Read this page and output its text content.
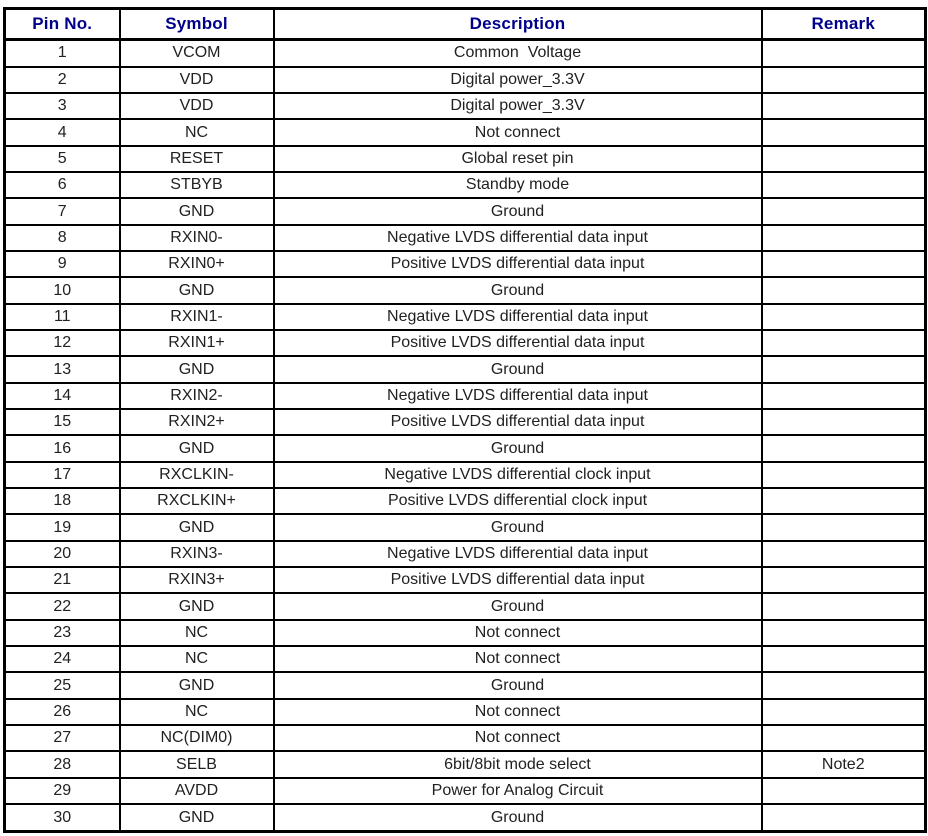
Pin No.	Symbol	Description	Remark
1	VCOM	Common  Voltage	
2	VDD	Digital power_3.3V	
3	VDD	Digital power_3.3V	
4	NC	Not connect	
5	RESET	Global reset pin	
6	STBYB	Standby mode	
7	GND	Ground	
8	RXIN0-	Negative LVDS differential data input	
9	RXIN0+	Positive LVDS differential data input	
10	GND	Ground	
11	RXIN1-	Negative LVDS differential data input	
12	RXIN1+	Positive LVDS differential data input	
13	GND	Ground	
14	RXIN2-	Negative LVDS differential data input	
15	RXIN2+	Positive LVDS differential data input	
16	GND	Ground	
17	RXCLKIN-	Negative LVDS differential clock input	
18	RXCLKIN+	Positive LVDS differential clock input	
19	GND	Ground	
20	RXIN3-	Negative LVDS differential data input	
21	RXIN3+	Positive LVDS differential data input	
22	GND	Ground	
23	NC	Not connect	
24	NC	Not connect	
25	GND	Ground	
26	NC	Not connect	
27	NC(DIM0)	Not connect	
28	SELB	6bit/8bit mode select	Note2
29	AVDD	Power for Analog Circuit	
30	GND	Ground	
